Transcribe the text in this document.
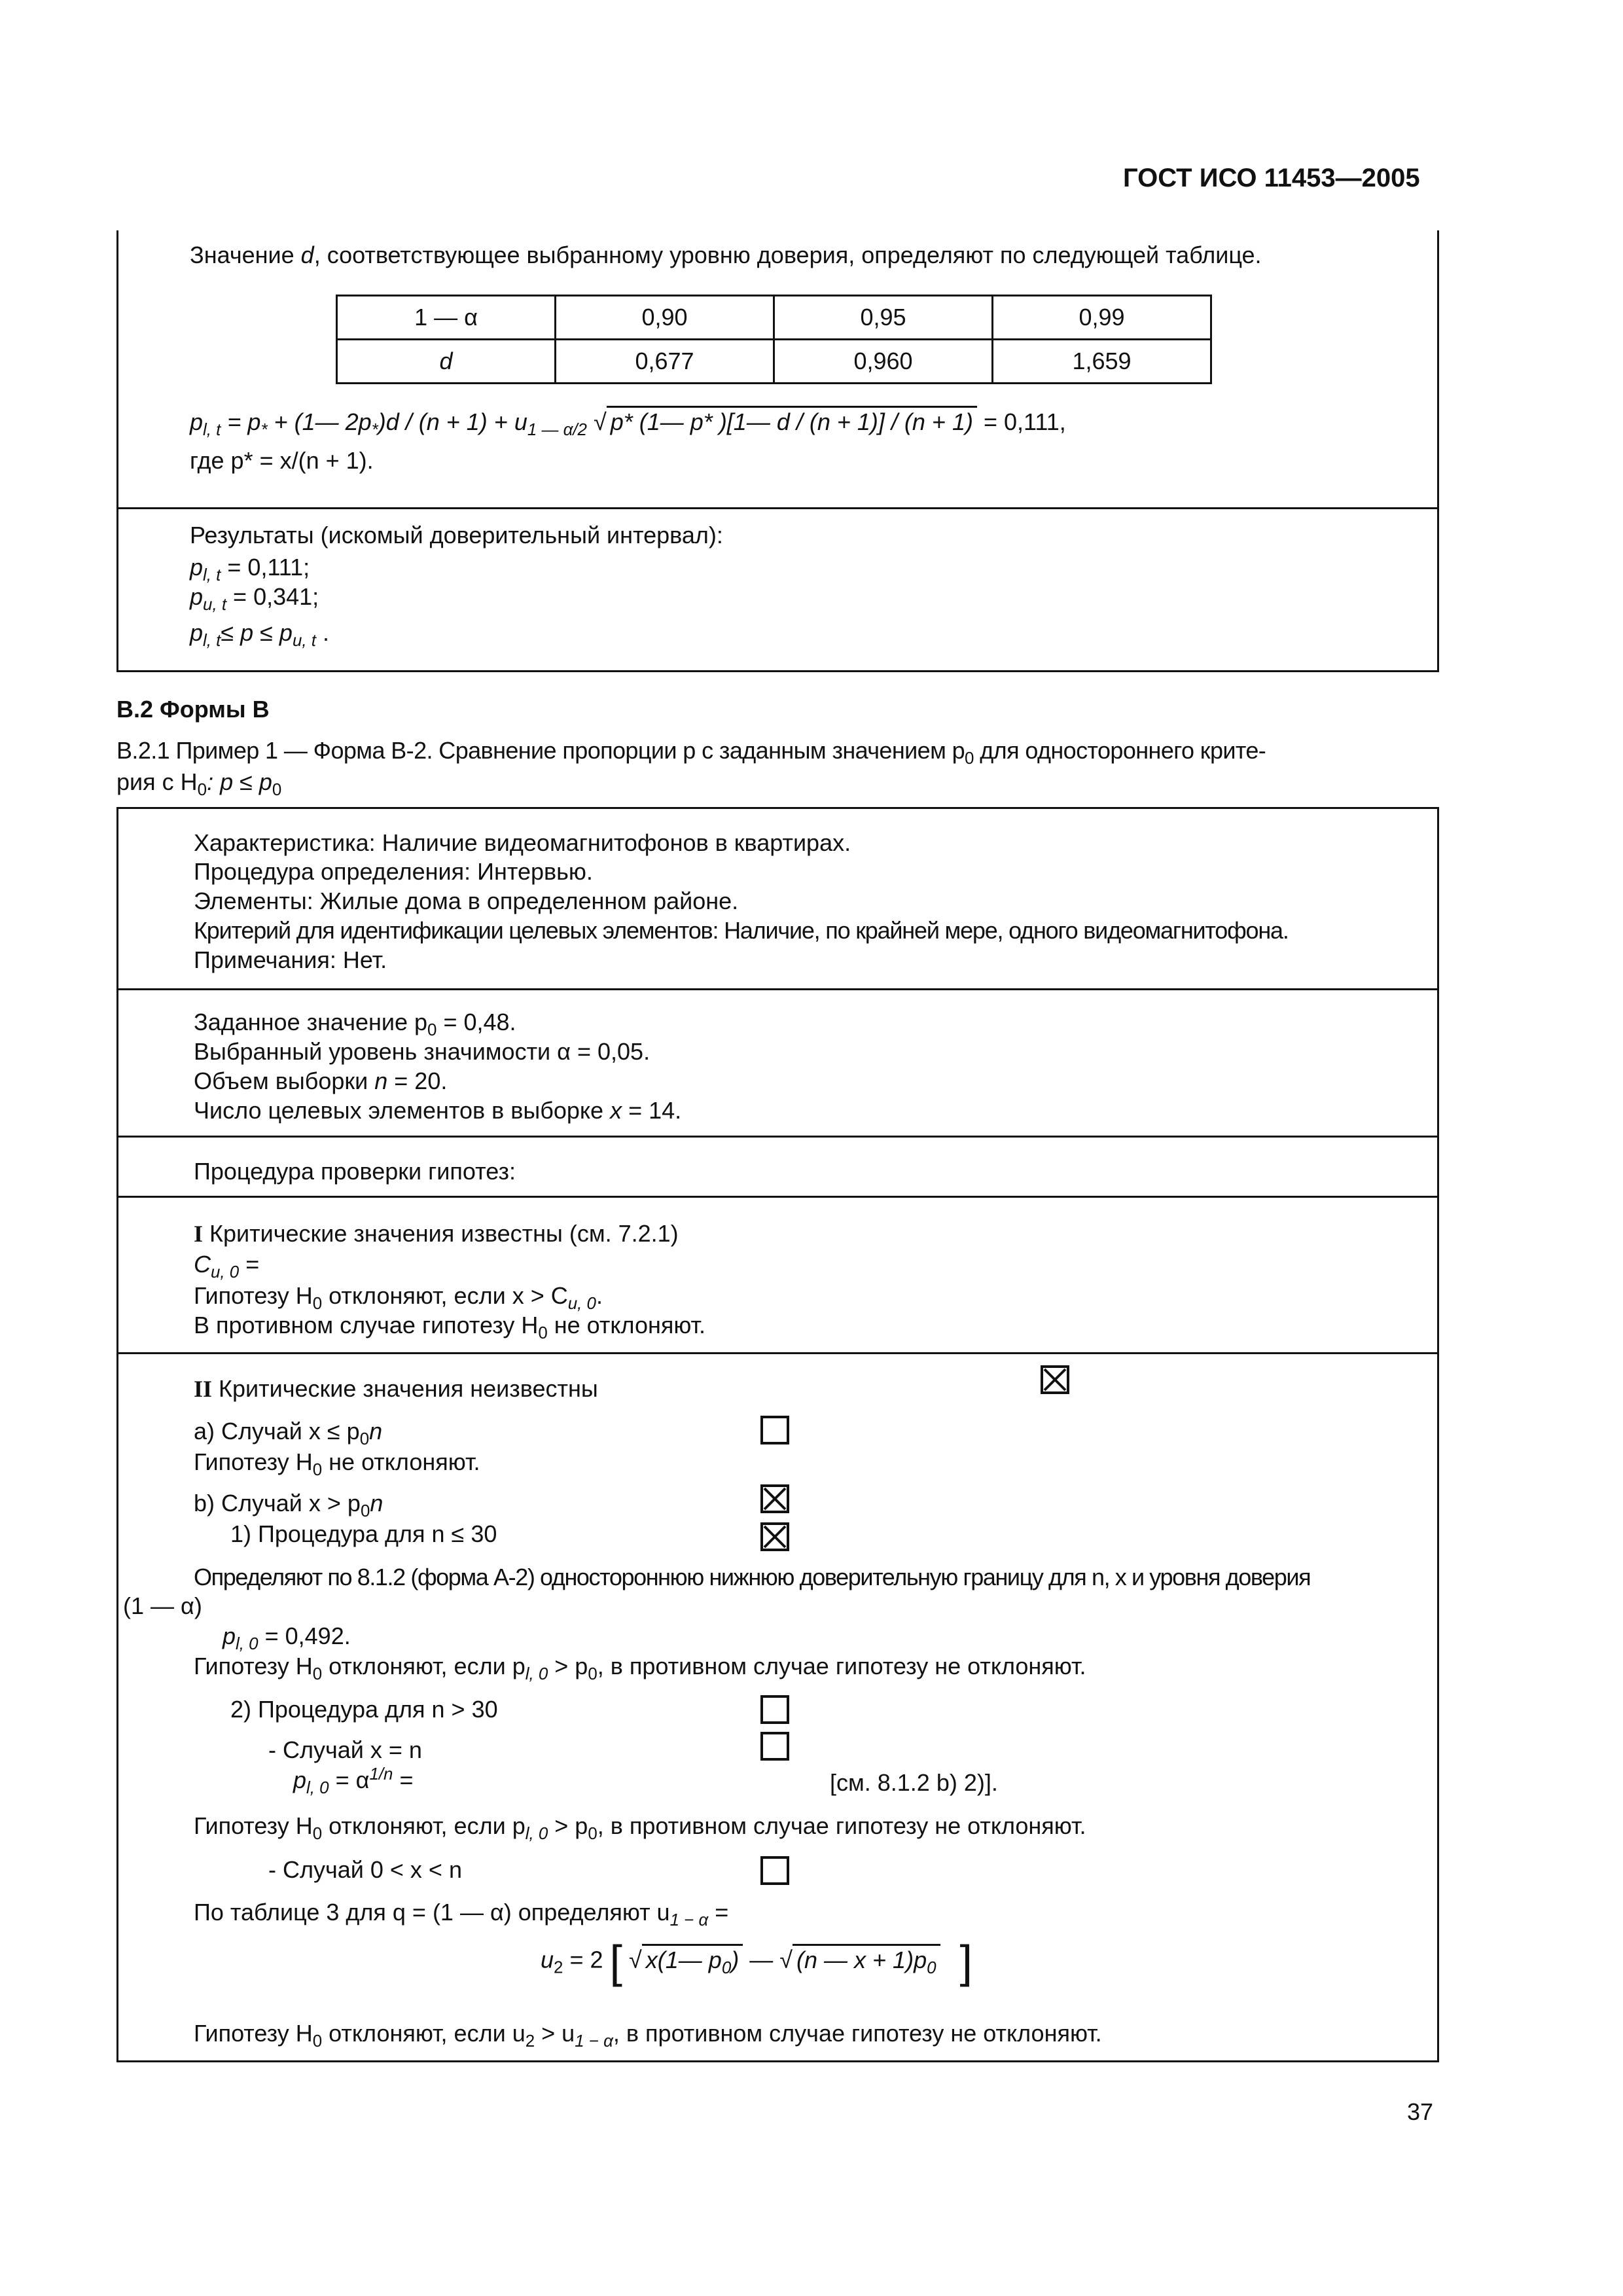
ГОСТ ИСО 11453—2005
Значение d, соответствующее выбранному уровню доверия, определяют по следующей таблице.
1 — α	0,90	0,95	0,99
d	0,677	0,960	1,659
$p_{l, t} = p_*$ + (1— $2p_*)d / (n + 1) + u_{1 — \alpha/2}$ √ p* (1— p* )[1— d / (n + 1)] / (n + 1) = 0,111,
где p* = x/(n + 1).
Результаты (искомый доверительный интервал):
$p_{l, t} = 0,111$;
$p_{u, t} = 0,341$;
$p_{l, t}\le p \le p_{u, t}$ .
В.2 Формы В
В.2.1 Пример 1 — Форма В-2. Сравнение пропорции p с заданным значением $p_0$ для одностороннего крите-
рия с $H_0$: $p \le p_0$
Характеристика: Наличие видеомагнитофонов в квартирах.
Процедура определения: Интервью.
Элементы: Жилые дома в определенном районе.
Критерий для идентификации целевых элементов: Наличие, по крайней мере, одного видеомагнитофона.
Примечания: Нет.
Заданное значение $p_0 = 0,48$.
Выбранный уровень значимости α = 0,05.
Объем выборки n = 20.
Число целевых элементов в выборке x = 14.
Процедура проверки гипотез:
I Критические значения известны (см. 7.2.1)
$C_{u, 0}$ =
Гипотезу $H_0$ отклоняют, если $x > C_{u, 0}$.
В противном случае гипотезу $H_0$ не отклоняют.
II Критические значения неизвестны
a) Случай $x \le p_0n$
Гипотезу $H_0$ не отклоняют.
b) Случай $x > p_0n$
1) Процедура для n ≤ 30
Определяют по 8.1.2 (форма А-2) одностороннюю нижнюю доверительную границу для n, x и уровня доверия
(1 — α)
$p_{l, 0} = 0,492$.
Гипотезу $H_0$ отклоняют, если $p_{l, 0} > p_0$, в противном случае гипотезу не отклоняют.
2) Процедура для n > 30
- Случай x = n
$p_{l, 0} = \alpha^{1/n}$ =	[см. 8.1.2 b) 2)].
Гипотезу $H_0$ отклоняют, если $p_{l, 0} > p_0$, в противном случае гипотезу не отклоняют.
- Случай 0 < x < n
По таблице 3 для q = (1 — α) определяют $u_{1 - \alpha}$ =
$u_2 = 2$ [ √ x(1— $p_0$) — √ (n — $x + 1)p_0$ ]
Гипотезу $H_0$ отклоняют, если $u_2 > u_{1 - \alpha}$, в противном случае гипотезу не отклоняют.
37
